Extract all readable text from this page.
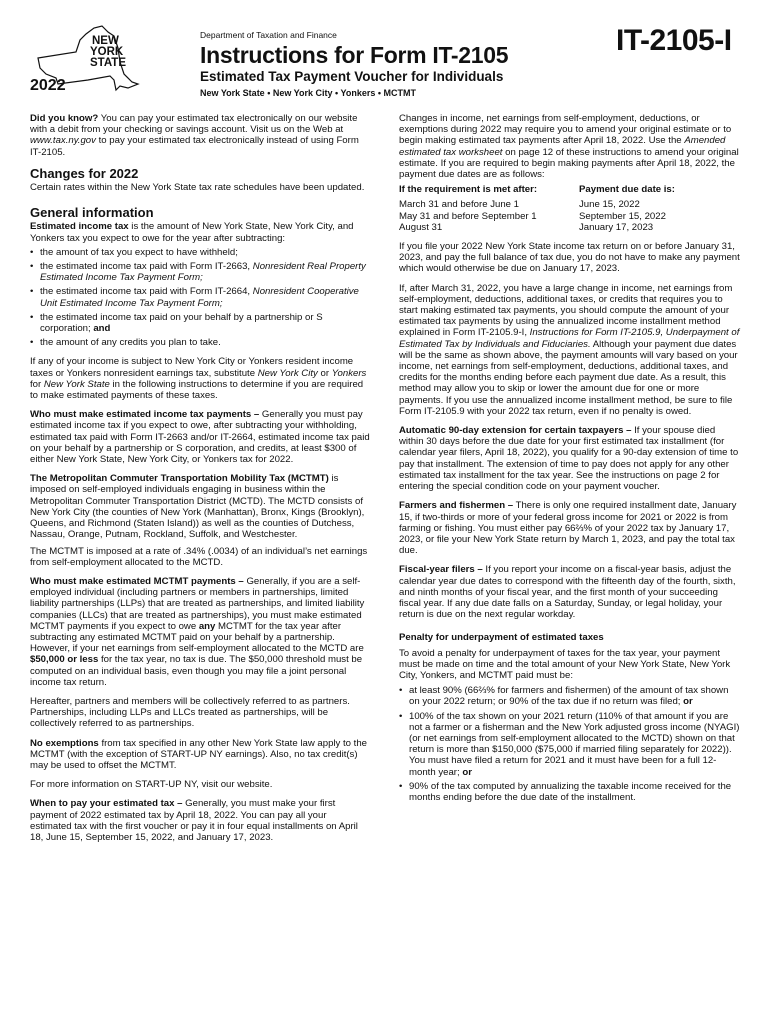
NEW
YORK
STATE
2022
Department of Taxation and Finance
Instructions for Form IT-2105
Estimated Tax Payment Voucher for Individuals
New York State • New York City • Yonkers • MCTMT
IT-2105-I

Did you know? You can pay your estimated tax electronically on our website with a debit from your checking or savings account. Visit us on the Web at www.tax.ny.gov to pay your estimated tax electronically instead of using Form IT-2105.

Changes for 2022

Certain rates within the New York State tax rate schedules have been updated.

General information

Estimated income tax is the amount of New York State, New York City, and Yonkers tax you expect to owe for the year after subtracting:

• the amount of tax you expect to have withheld;
• the estimated income tax paid with Form IT-2663, Nonresident Real Property Estimated Income Tax Payment Form;
• the estimated income tax paid with Form IT-2664, Nonresident Cooperative Unit Estimated Income Tax Payment Form;
• the estimated income tax paid on your behalf by a partnership or S corporation; and
• the amount of any credits you plan to take.

If any of your income is subject to New York City or Yonkers resident income taxes or Yonkers nonresident earnings tax, substitute New York City or Yonkers for New York State in the following instructions to determine if you are required to make estimated payments of these taxes.

Who must make estimated income tax payments – Generally you must pay estimated income tax if you expect to owe, after subtracting your withholding, estimated tax paid with Form IT-2663 and/or IT-2664, estimated income tax paid on your behalf by a partnership or S corporation, and credits, at least $300 of either New York State, New York City, or Yonkers tax for 2022.

The Metropolitan Commuter Transportation Mobility Tax (MCTMT) is imposed on self-employed individuals engaging in business within the Metropolitan Commuter Transportation District (MCTD). The MCTD consists of New York City (the counties of New York (Manhattan), Bronx, Kings (Brooklyn), Queens, and Richmond (Staten Island)) as well as the counties of Dutchess, Nassau, Orange, Putnam, Rockland, Suffolk, and Westchester.

The MCTMT is imposed at a rate of .34% (.0034) of an individual’s net earnings from self-employment allocated to the MCTD.

Who must make estimated MCTMT payments – Generally, if you are a self-employed individual (including partners or members in partnerships, limited liability partnerships (LLPs) that are treated as partnerships, and limited liability companies (LLCs) that are treated as partnerships), you must make estimated MCTMT payments if you expect to owe any MCTMT for the tax year after subtracting any estimated MCTMT paid on your behalf by a partnership. However, if your net earnings from self-employment allocated to the MCTD are $50,000 or less for the tax year, no tax is due. The $50,000 threshold must be computed on an individual basis, even though you may file a joint personal income tax return.

Hereafter, partners and members will be collectively referred to as partners. Partnerships, including LLPs and LLCs treated as partnerships, will be collectively referred to as partnerships.

No exemptions from tax specified in any other New York State law apply to the MCTMT (with the exception of START-UP NY earnings). Also, no tax credit(s) may be used to offset the MCTMT.

For more information on START-UP NY, visit our website.

When to pay your estimated tax – Generally, you must make your first payment of 2022 estimated tax by April 18, 2022. You can pay all your estimated tax with the first voucher or pay it in four equal installments on April 18, June 15, September 15, 2022, and January 17, 2023.

Changes in income, net earnings from self-employment, deductions, or exemptions during 2022 may require you to amend your original estimate or to begin making estimated tax payments after April 18, 2022. Use the Amended estimated tax worksheet on page 12 of these instructions to amend your original estimate. If you are required to begin making payments after April 18, 2022, the payment due dates are as follows:

If the requirement is met after:	Payment due date is:
March 31 and before June 1	June 15, 2022
May 31 and before September 1	September 15, 2022
August 31	January 17, 2023

If you file your 2022 New York State income tax return on or before January 31, 2023, and pay the full balance of tax due, you do not have to make any payment which would otherwise be due on January 17, 2023.

If, after March 31, 2022, you have a large change in income, net earnings from self-employment, deductions, additional taxes, or credits that requires you to start making estimated tax payments, you should compute the amount of your estimated tax payments by using the annualized income installment method explained in Form IT-2105.9-I, Instructions for Form IT-2105.9, Underpayment of Estimated Tax by Individuals and Fiduciaries. Although your payment due dates will be the same as shown above, the payment amounts will vary based on your income, net earnings from self-employment, deductions, additional taxes, and credits for the months ending before each payment due date. As a result, this method may allow you to skip or lower the amount due for one or more payments. If you use the annualized income installment method, be sure to file Form IT-2105.9 with your 2022 tax return, even if no penalty is owed.

Automatic 90-day extension for certain taxpayers – If your spouse died within 30 days before the due date for your first estimated tax installment (for calendar year filers, April 18, 2022), you qualify for a 90-day extension of time to pay that installment. The extension of time to pay does not apply for any other estimated tax installment for the tax year. See the instructions on page 2 for entering the special condition code on your payment voucher.

Farmers and fishermen – There is only one required installment date, January 15, if two-thirds or more of your federal gross income for 2021 or 2022 is from farming or fishing. You must either pay 66⅔% of your 2022 tax by January 17, 2023, or file your New York State return by March 1, 2023, and pay the total tax due.

Fiscal-year filers – If you report your income on a fiscal-year basis, adjust the calendar year due dates to correspond with the fifteenth day of the fourth, sixth, and ninth months of your fiscal year, and the first month of your succeeding fiscal year. If any due date falls on a Saturday, Sunday, or legal holiday, your return is due on the next regular workday.

Penalty for underpayment of estimated taxes

To avoid a penalty for underpayment of taxes for the tax year, your payment must be made on time and the total amount of your New York State, New York City, Yonkers, and MCTMT paid must be:

• at least 90% (66⅔% for farmers and fishermen) of the amount of tax shown on your 2022 return; or 90% of the tax due if no return was filed; or
• 100% of the tax shown on your 2021 return (110% of that amount if you are not a farmer or a fisherman and the New York adjusted gross income (NYAGI) (or net earnings from self-employment allocated to the MCTD) shown on that return is more than $150,000 ($75,000 if married filing separately for 2022)). You must have filed a return for 2021 and it must have been for a full 12-month year; or
• 90% of the tax computed by annualizing the taxable income received for the months ending before the due date of the installment.
